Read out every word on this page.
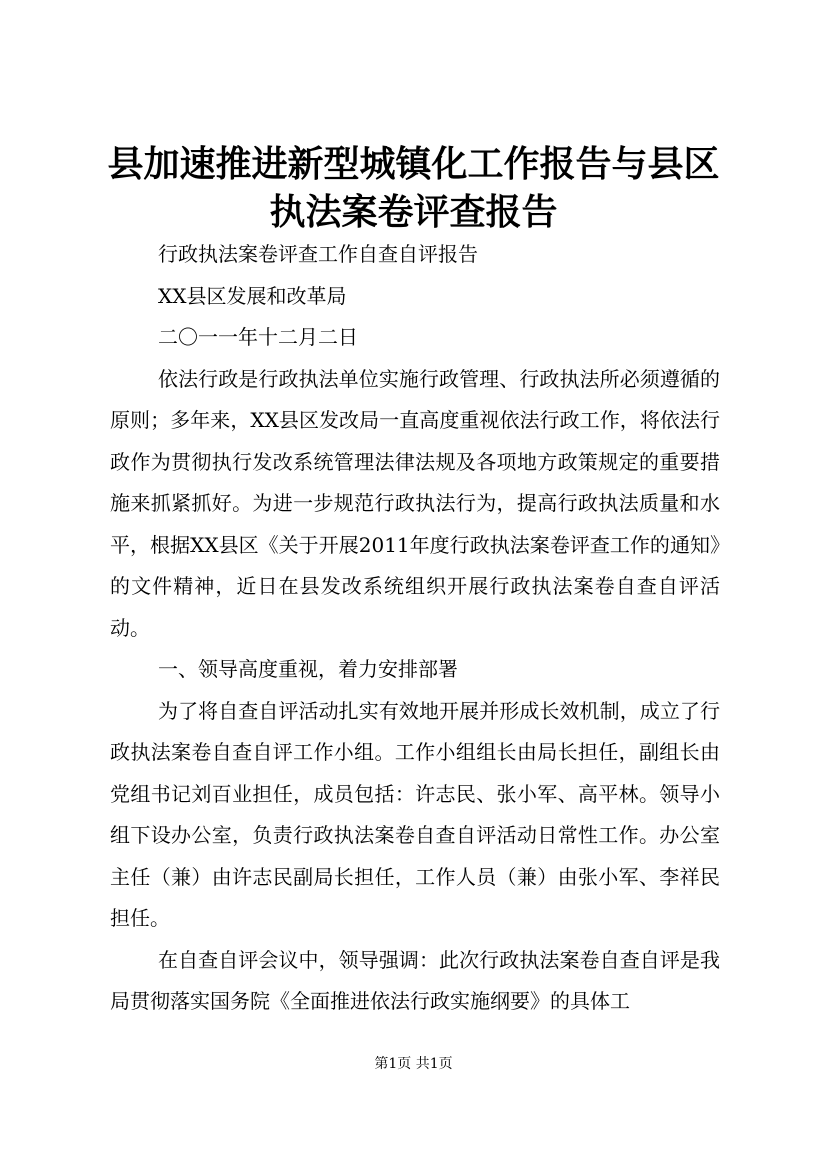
县加速推进新型城镇化工作报告与县区执法案卷评查报告

行政执法案卷评查工作自查自评报告

XX县区发展和改革局

二〇一一年十二月二日

依法行政是行政执法单位实施行政管理、行政执法所必须遵循的原则；多年来，XX县区发改局一直高度重视依法行政工作，将依法行政作为贯彻执行发改系统管理法律法规及各项地方政策规定的重要措施来抓紧抓好。为进一步规范行政执法行为，提高行政执法质量和水平，根据XX县区《关于开展2011年度行政执法案卷评查工作的通知》的文件精神，近日在县发改系统组织开展行政执法案卷自查自评活动。

一、领导高度重视，着力安排部署

为了将自查自评活动扎实有效地开展并形成长效机制，成立了行政执法案卷自查自评工作小组。工作小组组长由局长担任，副组长由党组书记刘百业担任，成员包括：许志民、张小军、高平林。领导小组下设办公室，负责行政执法案卷自查自评活动日常性工作。办公室主任（兼）由许志民副局长担任，工作人员（兼）由张小军、李祥民担任。

在自查自评会议中，领导强调：此次行政执法案卷自查自评是我局贯彻落实国务院《全面推进依法行政实施纲要》的具体工

第1页 共1页
